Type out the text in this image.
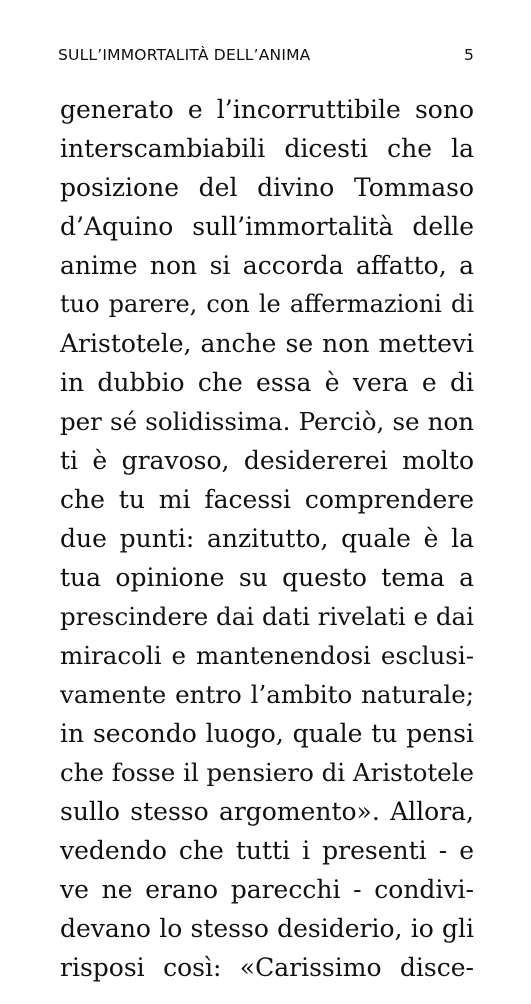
SULL’IMMORTALITÀ DELL’ANIMA	5
generato e l’incorruttibile sono
interscambiabili dicesti che la
posizione del divino Tommaso
d’Aquino sull’immortalità delle
anime non si accorda affatto, a
tuo parere, con le affermazioni di
Aristotele, anche se non mettevi
in dubbio che essa è vera e di
per sé solidissima. Perciò, se non
ti è gravoso, desidererei molto
che tu mi facessi comprendere
due punti: anzitutto, quale è la
tua opinione su questo tema a
prescindere dai dati rivelati e dai
miracoli e mantenendosi esclusi-
vamente entro l’ambito naturale;
in secondo luogo, quale tu pensi
che fosse il pensiero di Aristotele
sullo stesso argomento». Allora,
vedendo che tutti i presenti - e
ve ne erano parecchi - condivi-
devano lo stesso desiderio, io gli
risposi così: «Carissimo disce-
